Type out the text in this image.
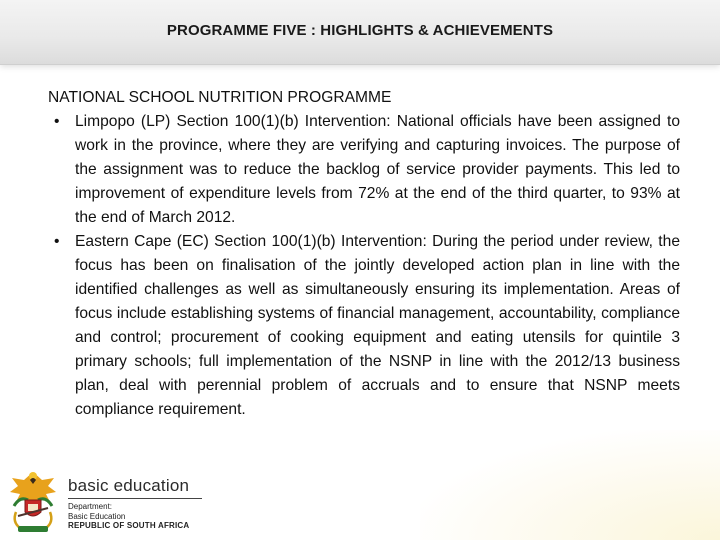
PROGRAMME FIVE : HIGHLIGHTS & ACHIEVEMENTS

NATIONAL SCHOOL NUTRITION PROGRAMME

• Limpopo (LP) Section 100(1)(b) Intervention: National officials have been assigned to work in the province, where they are verifying and capturing invoices. The purpose of the assignment was to reduce the backlog of service provider payments. This led to improvement of expenditure levels from 72% at the end of the third quarter, to 93% at the end of March 2012.
• Eastern Cape (EC) Section 100(1)(b) Intervention: During the period under review, the focus has been on finalisation of the jointly developed action plan in line with the identified challenges as well as simultaneously ensuring its implementation. Areas of focus include establishing systems of financial management, accountability, compliance and control; procurement of cooking equipment and eating utensils for quintile 3 primary schools; full implementation of the NSNP in line with the 2012/13 business plan, deal with perennial problem of accruals and to ensure that NSNP meets compliance requirement.
basic education
Department:
Basic Education
REPUBLIC OF SOUTH AFRICA
